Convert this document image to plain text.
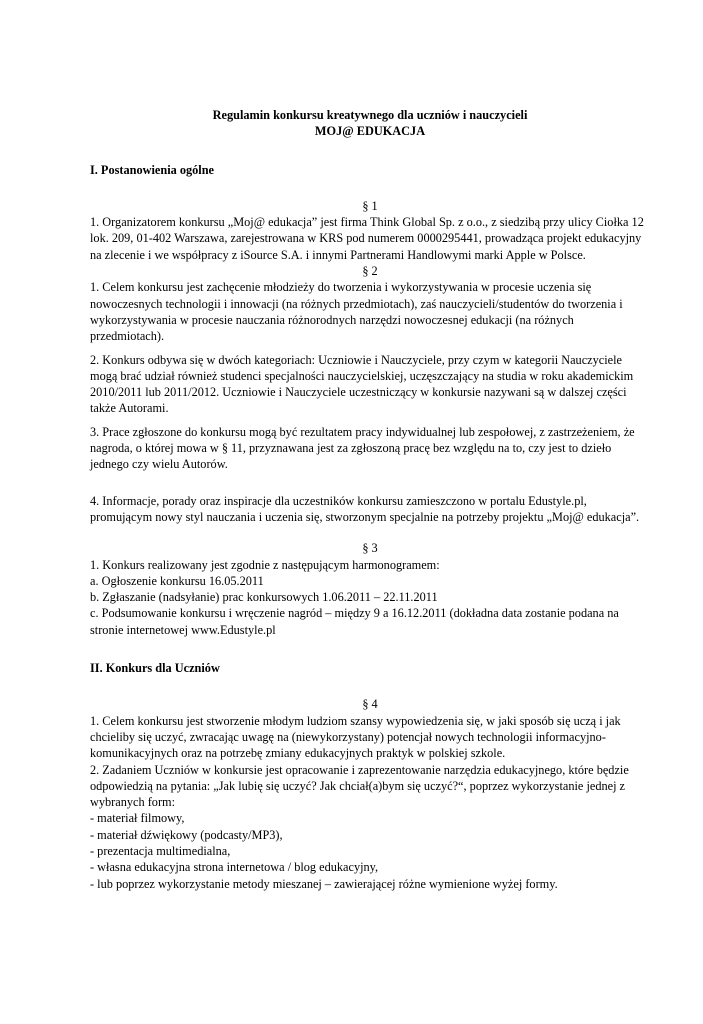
Regulamin konkursu kreatywnego dla uczniów i nauczycieli
MOJ@ EDUKACJA
I. Postanowienia ogólne
§ 1

1. Organizatorem konkursu „Moj@ edukacja” jest firma Think Global Sp. z o.o., z siedzibą przy ulicy Ciołka 12 lok. 209, 01-402 Warszawa, zarejestrowana w KRS pod numerem 0000295441, prowadząca projekt edukacyjny na zlecenie i we współpracy z iSource S.A. i innymi Partnerami Handlowymi marki Apple w Polsce.

§ 2

1. Celem konkursu jest zachęcenie młodzieży do tworzenia i wykorzystywania w procesie uczenia się nowoczesnych technologii i innowacji (na różnych przedmiotach), zaś nauczycieli/studentów do tworzenia i wykorzystywania w procesie nauczania różnorodnych narzędzi nowoczesnej edukacji (na różnych przedmiotach).

2. Konkurs odbywa się w dwóch kategoriach: Uczniowie i Nauczyciele, przy czym w kategorii Nauczyciele mogą brać udział również studenci specjalności nauczycielskiej, uczęszczający na studia w roku akademickim 2010/2011 lub 2011/2012. Uczniowie i Nauczyciele uczestniczący w konkursie nazywani są w dalszej części także Autorami.

3. Prace zgłoszone do konkursu mogą być rezultatem pracy indywidualnej lub zespołowej, z zastrzeżeniem, że nagroda, o której mowa w § 11, przyznawana jest za zgłoszoną pracę bez względu na to, czy jest to dzieło jednego czy wielu Autorów.

4. Informacje, porady oraz inspiracje dla uczestników konkursu zamieszczono w portalu Edustyle.pl, promującym nowy styl nauczania i uczenia się, stworzonym specjalnie na potrzeby projektu „Moj@ edukacja”.

§ 3

1. Konkurs realizowany jest zgodnie z następującym harmonogramem:

a. Ogłoszenie konkursu 16.05.2011

b. Zgłaszanie (nadsyłanie) prac konkursowych 1.06.2011 – 22.11.2011

c. Podsumowanie konkursu i wręczenie nagród – między 9 a 16.12.2011 (dokładna data zostanie podana na stronie internetowej www.Edustyle.pl

II. Konkurs dla Uczniów
§ 4

1. Celem konkursu jest stworzenie młodym ludziom szansy wypowiedzenia się, w jaki sposób się uczą i jak chcieliby się uczyć, zwracając uwagę na (niewykorzystany) potencjał nowych technologii informacyjno-komunikacyjnych oraz na potrzebę zmiany edukacyjnych praktyk w polskiej szkole.

2. Zadaniem Uczniów w konkursie jest opracowanie i zaprezentowanie narzędzia edukacyjnego, które będzie odpowiedzią na pytania: „Jak lubię się uczyć? Jak chciał(a)bym się uczyć?“, poprzez wykorzystanie jednej z wybranych form:

- materiał filmowy,

- materiał dźwiękowy (podcasty/MP3),

- prezentacja multimedialna,

- własna edukacyjna strona internetowa / blog edukacyjny,

- lub poprzez wykorzystanie metody mieszanej – zawierającej różne wymienione wyżej formy.
